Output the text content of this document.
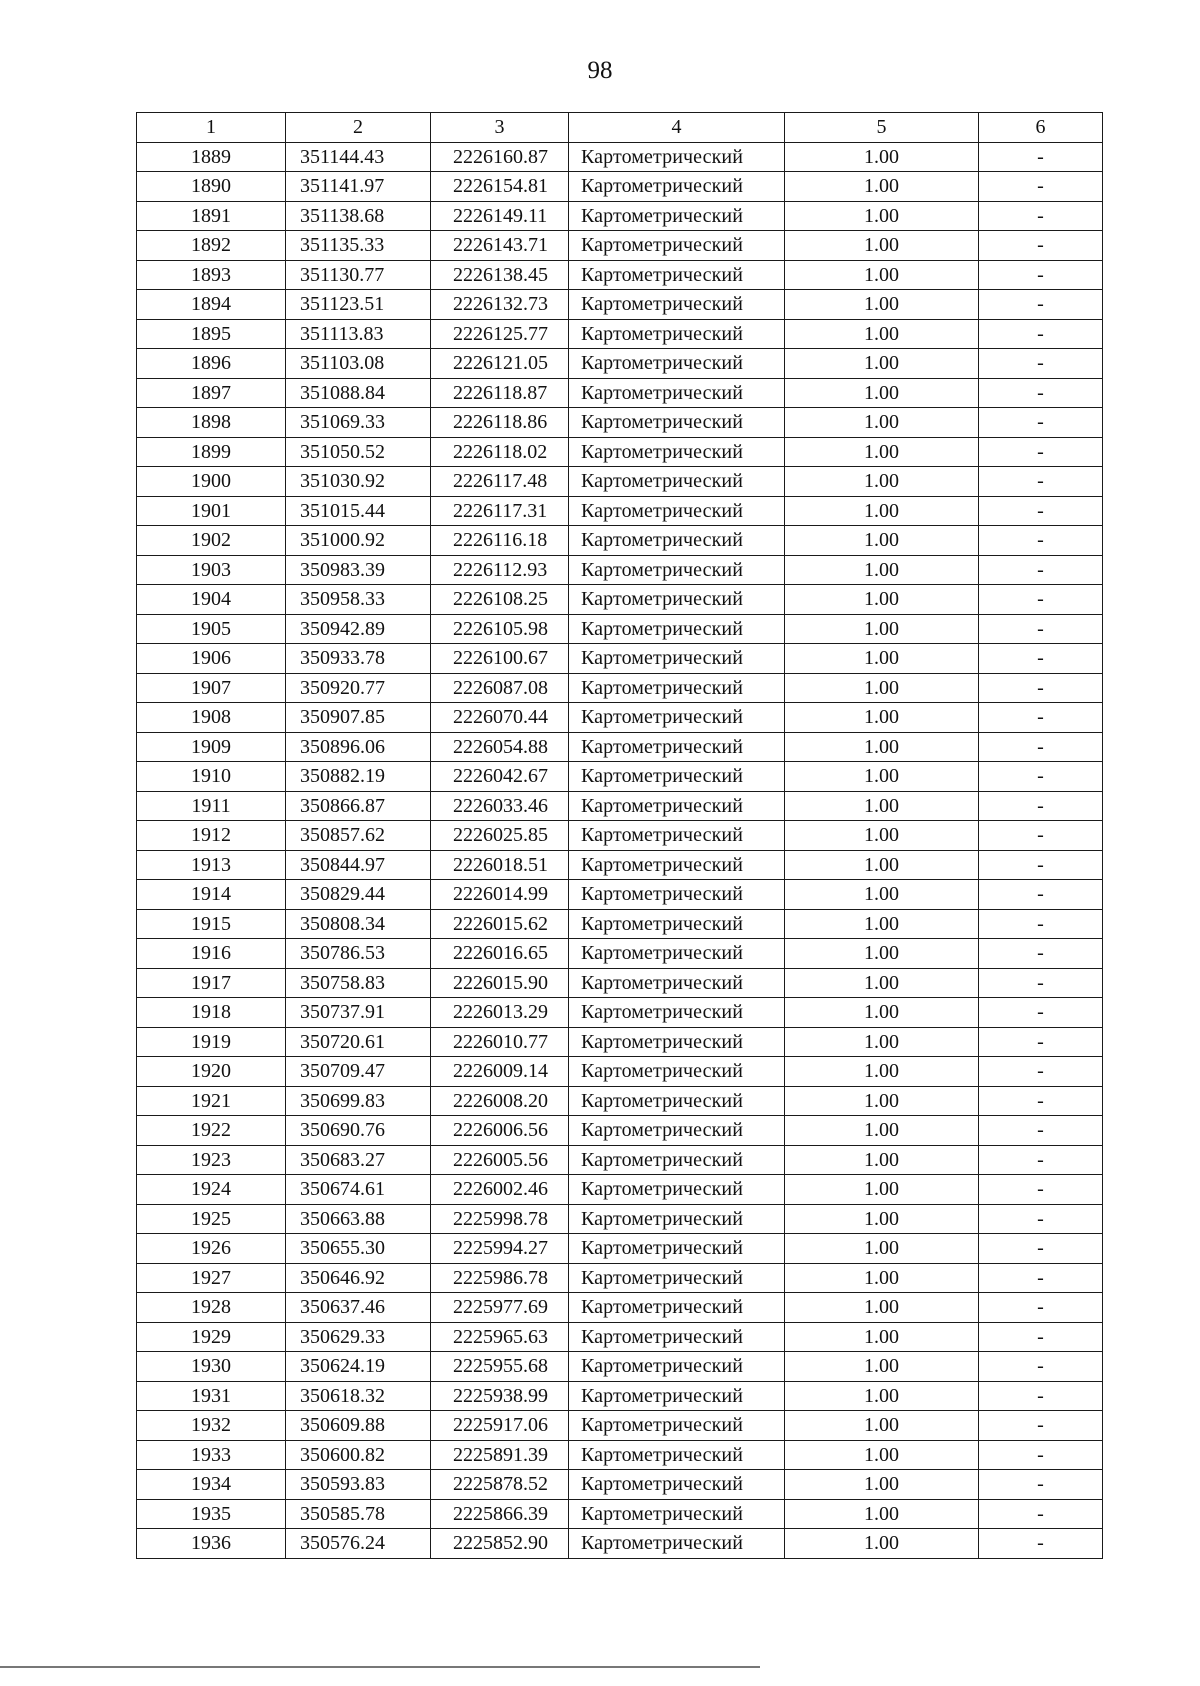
98
1	2	3	4	5	6
1889	351144.43	2226160.87	Картометрический	1.00	-
1890	351141.97	2226154.81	Картометрический	1.00	-
1891	351138.68	2226149.11	Картометрический	1.00	-
1892	351135.33	2226143.71	Картометрический	1.00	-
1893	351130.77	2226138.45	Картометрический	1.00	-
1894	351123.51	2226132.73	Картометрический	1.00	-
1895	351113.83	2226125.77	Картометрический	1.00	-
1896	351103.08	2226121.05	Картометрический	1.00	-
1897	351088.84	2226118.87	Картометрический	1.00	-
1898	351069.33	2226118.86	Картометрический	1.00	-
1899	351050.52	2226118.02	Картометрический	1.00	-
1900	351030.92	2226117.48	Картометрический	1.00	-
1901	351015.44	2226117.31	Картометрический	1.00	-
1902	351000.92	2226116.18	Картометрический	1.00	-
1903	350983.39	2226112.93	Картометрический	1.00	-
1904	350958.33	2226108.25	Картометрический	1.00	-
1905	350942.89	2226105.98	Картометрический	1.00	-
1906	350933.78	2226100.67	Картометрический	1.00	-
1907	350920.77	2226087.08	Картометрический	1.00	-
1908	350907.85	2226070.44	Картометрический	1.00	-
1909	350896.06	2226054.88	Картометрический	1.00	-
1910	350882.19	2226042.67	Картометрический	1.00	-
1911	350866.87	2226033.46	Картометрический	1.00	-
1912	350857.62	2226025.85	Картометрический	1.00	-
1913	350844.97	2226018.51	Картометрический	1.00	-
1914	350829.44	2226014.99	Картометрический	1.00	-
1915	350808.34	2226015.62	Картометрический	1.00	-
1916	350786.53	2226016.65	Картометрический	1.00	-
1917	350758.83	2226015.90	Картометрический	1.00	-
1918	350737.91	2226013.29	Картометрический	1.00	-
1919	350720.61	2226010.77	Картометрический	1.00	-
1920	350709.47	2226009.14	Картометрический	1.00	-
1921	350699.83	2226008.20	Картометрический	1.00	-
1922	350690.76	2226006.56	Картометрический	1.00	-
1923	350683.27	2226005.56	Картометрический	1.00	-
1924	350674.61	2226002.46	Картометрический	1.00	-
1925	350663.88	2225998.78	Картометрический	1.00	-
1926	350655.30	2225994.27	Картометрический	1.00	-
1927	350646.92	2225986.78	Картометрический	1.00	-
1928	350637.46	2225977.69	Картометрический	1.00	-
1929	350629.33	2225965.63	Картометрический	1.00	-
1930	350624.19	2225955.68	Картометрический	1.00	-
1931	350618.32	2225938.99	Картометрический	1.00	-
1932	350609.88	2225917.06	Картометрический	1.00	-
1933	350600.82	2225891.39	Картометрический	1.00	-
1934	350593.83	2225878.52	Картометрический	1.00	-
1935	350585.78	2225866.39	Картометрический	1.00	-
1936	350576.24	2225852.90	Картометрический	1.00	-
